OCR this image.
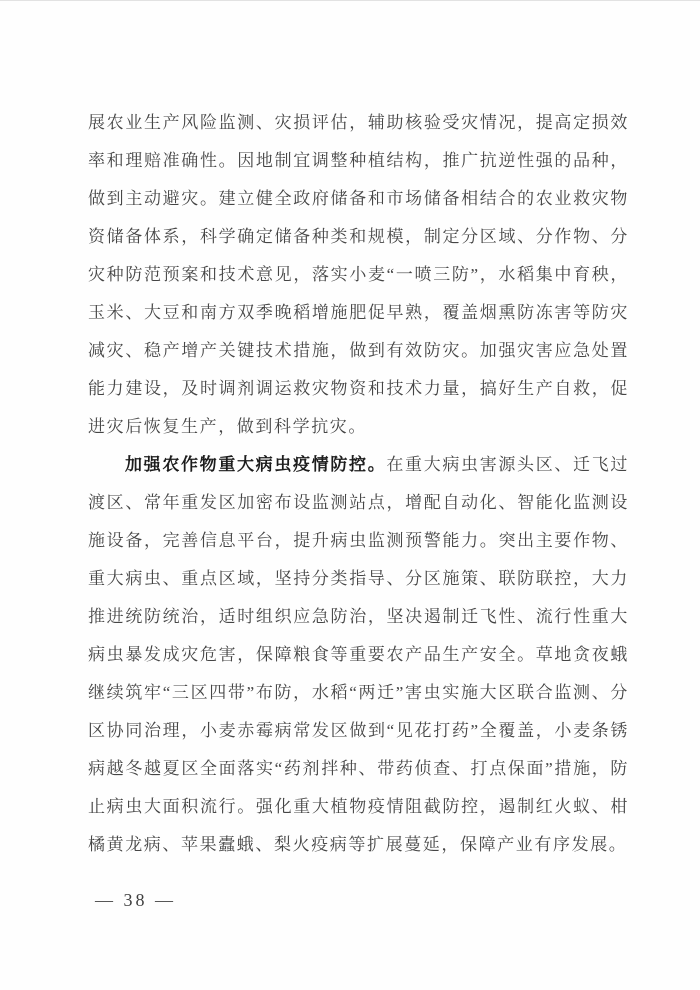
展农业生产风险监测、灾损评估，辅助核验受灾情况，提高定损效率和理赔准确性。因地制宜调整种植结构，推广抗逆性强的品种，做到主动避灾。建立健全政府储备和市场储备相结合的农业救灾物资储备体系，科学确定储备种类和规模，制定分区域、分作物、分灾种防范预案和技术意见，落实小麦“一喷三防”，水稻集中育秧，玉米、大豆和南方双季晚稻增施肥促早熟，覆盖烟熏防冻害等防灾减灾、稳产增产关键技术措施，做到有效防灾。加强灾害应急处置能力建设，及时调剂调运救灾物资和技术力量，搞好生产自救，促进灾后恢复生产，做到科学抗灾。

加强农作物重大病虫疫情防控。在重大病虫害源头区、迁飞过渡区、常年重发区加密布设监测站点，增配自动化、智能化监测设施设备，完善信息平台，提升病虫监测预警能力。突出主要作物、重大病虫、重点区域，坚持分类指导、分区施策、联防联控，大力推进统防统治，适时组织应急防治，坚决遏制迁飞性、流行性重大病虫暴发成灾危害，保障粮食等重要农产品生产安全。草地贪夜蛾继续筑牢“三区四带”布防，水稻“两迁”害虫实施大区联合监测、分区协同治理，小麦赤霉病常发区做到“见花打药”全覆盖，小麦条锈病越冬越夏区全面落实“药剂拌种、带药侦查、打点保面”措施，防止病虫大面积流行。强化重大植物疫情阻截防控，遏制红火蚁、柑橘黄龙病、苹果蠹蛾、梨火疫病等扩展蔓延，保障产业有序发展。

— 38 —
